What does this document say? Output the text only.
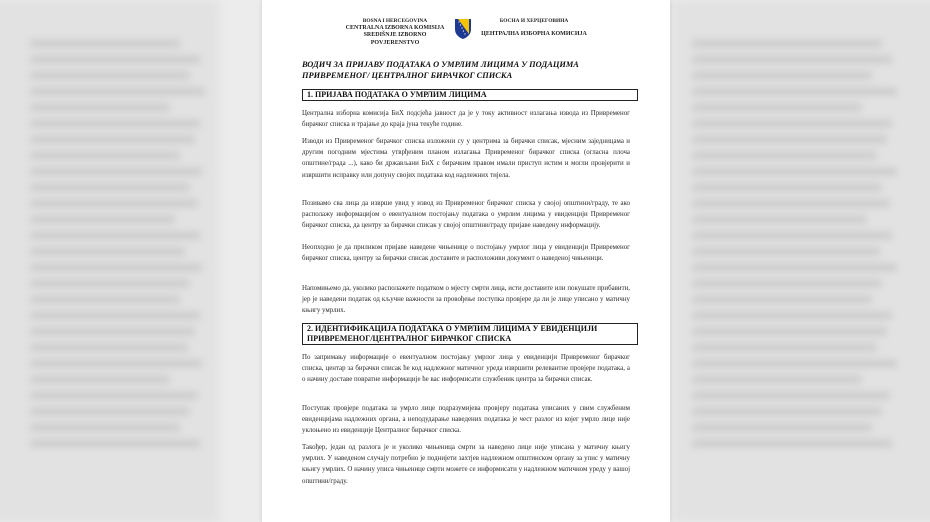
BOSNA I HERCEGOVINA
CENTRALNA IZBORNA KOMISIJA
SREDIŠNJE IZBORNO POVJERENSTVO
БОСНА И ХЕРЦЕГОВИНА
ЦЕНТРАЛНА ИЗБОРНА КОМИСИЈА
ВОДИЧ ЗА ПРИЈАВУ ПОДАТАКА О УМРЛИМ ЛИЦИМА У ПОДАЦИМА
ПРИВРЕМЕНОГ/ ЦЕНТРАЛНОГ БИРАЧКОГ СПИСКА
1. ПРИЈАВА ПОДАТАКА О УМРЛИМ ЛИЦИМА
Централна изборна комисија БиХ подсјећа јавност да је у току активност излагања извода из Привременог бирачког списка и трајање до краја јуна текуће године.
Изводи из Привременог бирачког списка изложени су у центрима за бирачки списак, мјесним заједницама и другим погодним мјестима утврђеним планом излагања Привременог бирачког списка (огласна плоча општине/града ...), како би држављани БиХ с бирачким правом имали приступ истим и могли провјерити и извршити исправку или допуну својих података код надлежних тијела.
Позивамо сва лица да изврше увид у извод из Привременог бирачког списка у својој општини/граду, те ако располажу информацијом о евентуалном постојању података о умрлим лицима у евиденцији Привременог бирачког списка, да центру за бирачки списак у својој општини/граду пријаве наведену информацију.
Неопходно је да приликом пријаве наведене чињенице о постојању умрлог лица у евиденцији Привременог бирачког списка, центру за бирачки списак доставите и расположиви документ о наведеној чињеници.
Напомињемо да, уколико располажете податком о мјесту смрти лица, исти доставите или покушате прибавити, јер је наведени податак од кључне важности за провођење поступка провјере да ли је лице уписано у матичну књигу умрлих.
2. ИДЕНТИФИКАЦИЈА ПОДАТАКА О УМРЛИМ ЛИЦИМА У ЕВИДЕНЦИЈИ
ПРИВРЕМЕНОГ/ЦЕНТРАЛНОГ БИРАЧКОГ СПИСКА
По запримању информације о евентуалном постојању умрлог лица у евиденцији Привременог бирачког списка, центар за бирачки списак ће код надлежног матичног уреда извршити релевантне провјере података, а о начину доставе повратне информације ће вас информисати службеник центра за бирачки списак.
Поступак провјере података за умрло лице подразумијева провјеру података уписаних у свим службеним евиденцијама надлежних органа, а неподударање наведених података је чест разлог из којег умрло лице није уклоњено из евиденције Централног бирачког списка.
Такођер, један од разлога је и уколико чињеница смрти за наведено лице није уписана у матичну књигу умрлих. У наведеном случају потребно је поднијети захтјев надлежном општинском органу за упис у матичну књигу умрлих. О начину уписа чињенице смрти можете се информисати у надлежном матичном уреду у вашој општини/граду.
